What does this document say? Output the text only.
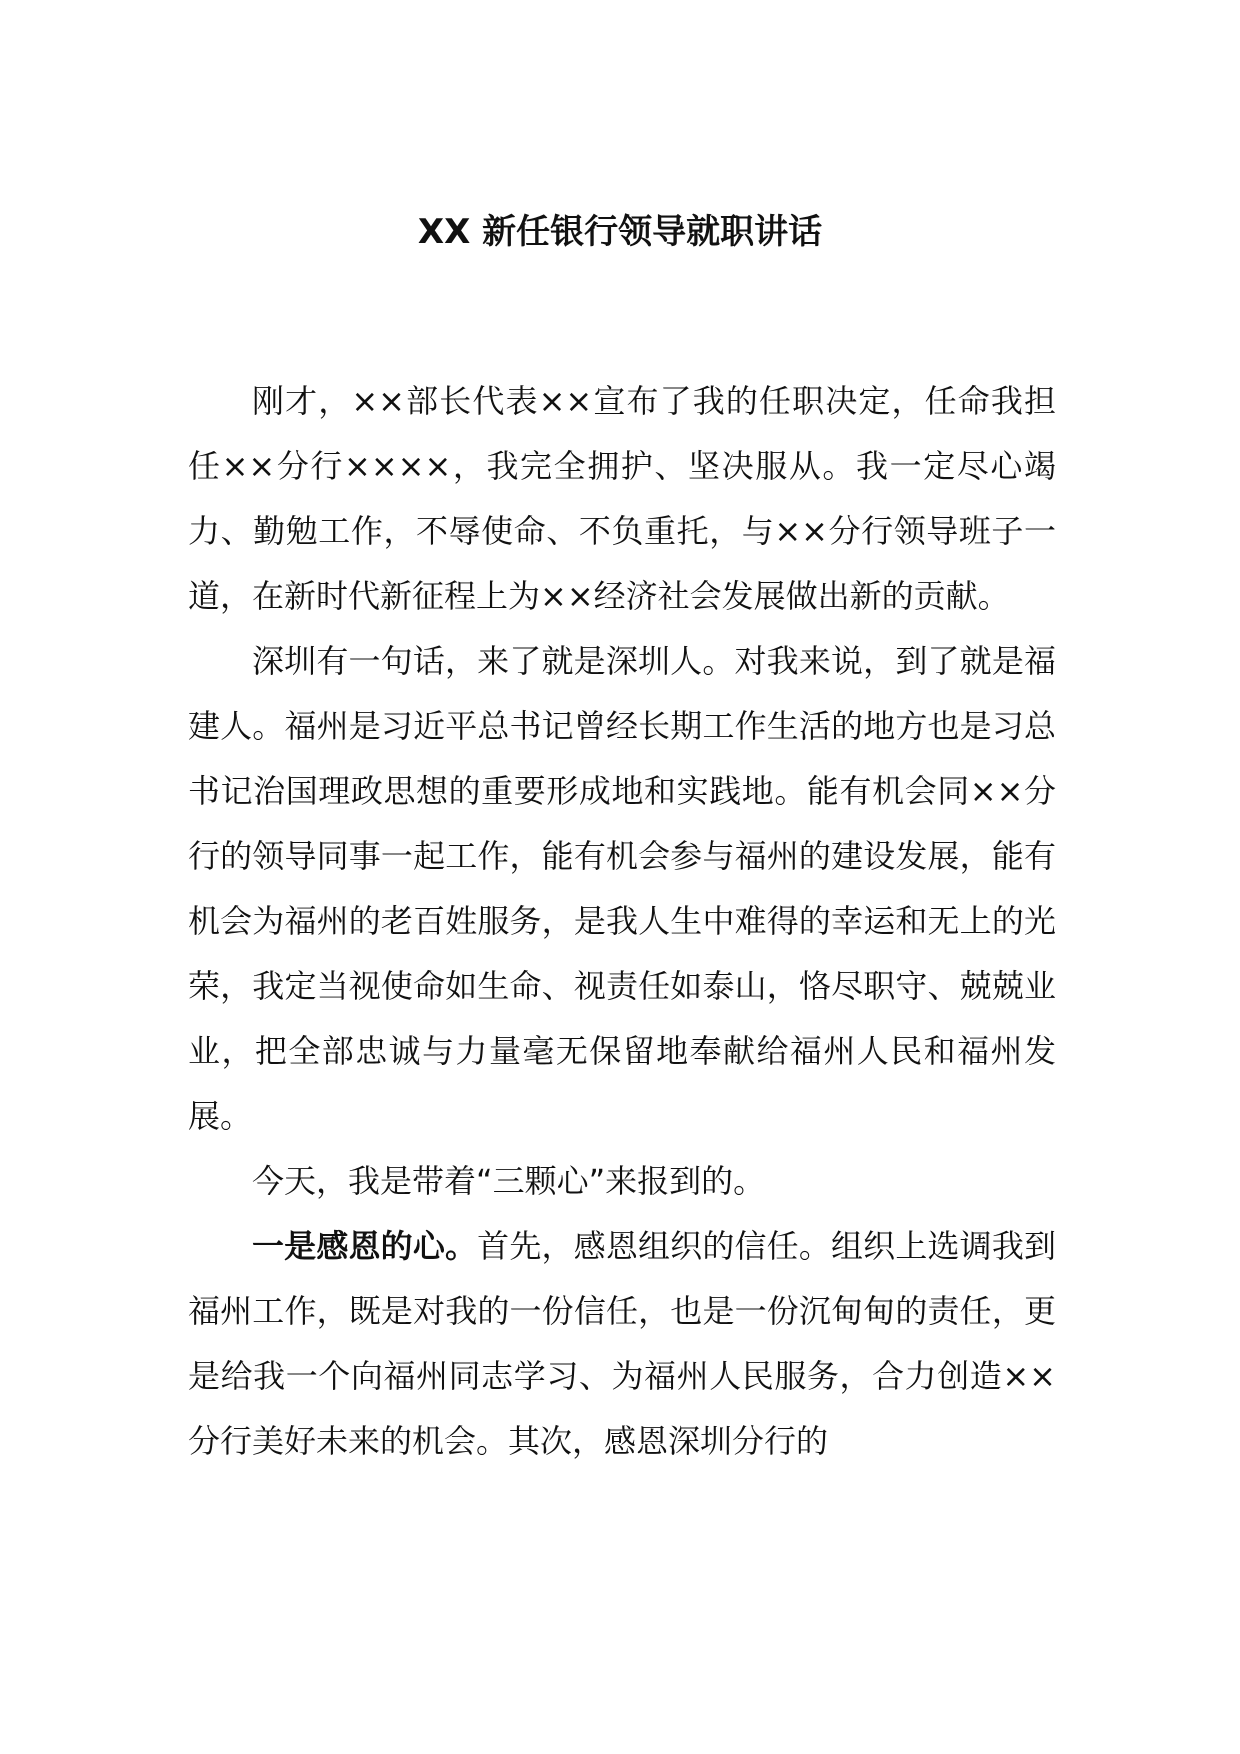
XX 新任银行领导就职讲话

刚才，××部长代表××宣布了我的任职决定，任命我担任××分行××××，我完全拥护、坚决服从。我一定尽心竭力、勤勉工作，不辱使命、不负重托，与××分行领导班子一道，在新时代新征程上为××经济社会发展做出新的贡献。

深圳有一句话，来了就是深圳人。对我来说，到了就是福建人。福州是习近平总书记曾经长期工作生活的地方也是习总书记治国理政思想的重要形成地和实践地。能有机会同××分行的领导同事一起工作，能有机会参与福州的建设发展，能有机会为福州的老百姓服务，是我人生中难得的幸运和无上的光荣，我定当视使命如生命、视责任如泰山，恪尽职守、兢兢业业，把全部忠诚与力量毫无保留地奉献给福州人民和福州发展。

今天，我是带着“三颗心”来报到的。

一是感恩的心。首先，感恩组织的信任。组织上选调我到福州工作，既是对我的一份信任，也是一份沉甸甸的责任，更是给我一个向福州同志学习、为福州人民服务，合力创造××分行美好未来的机会。其次，感恩深圳分行的
